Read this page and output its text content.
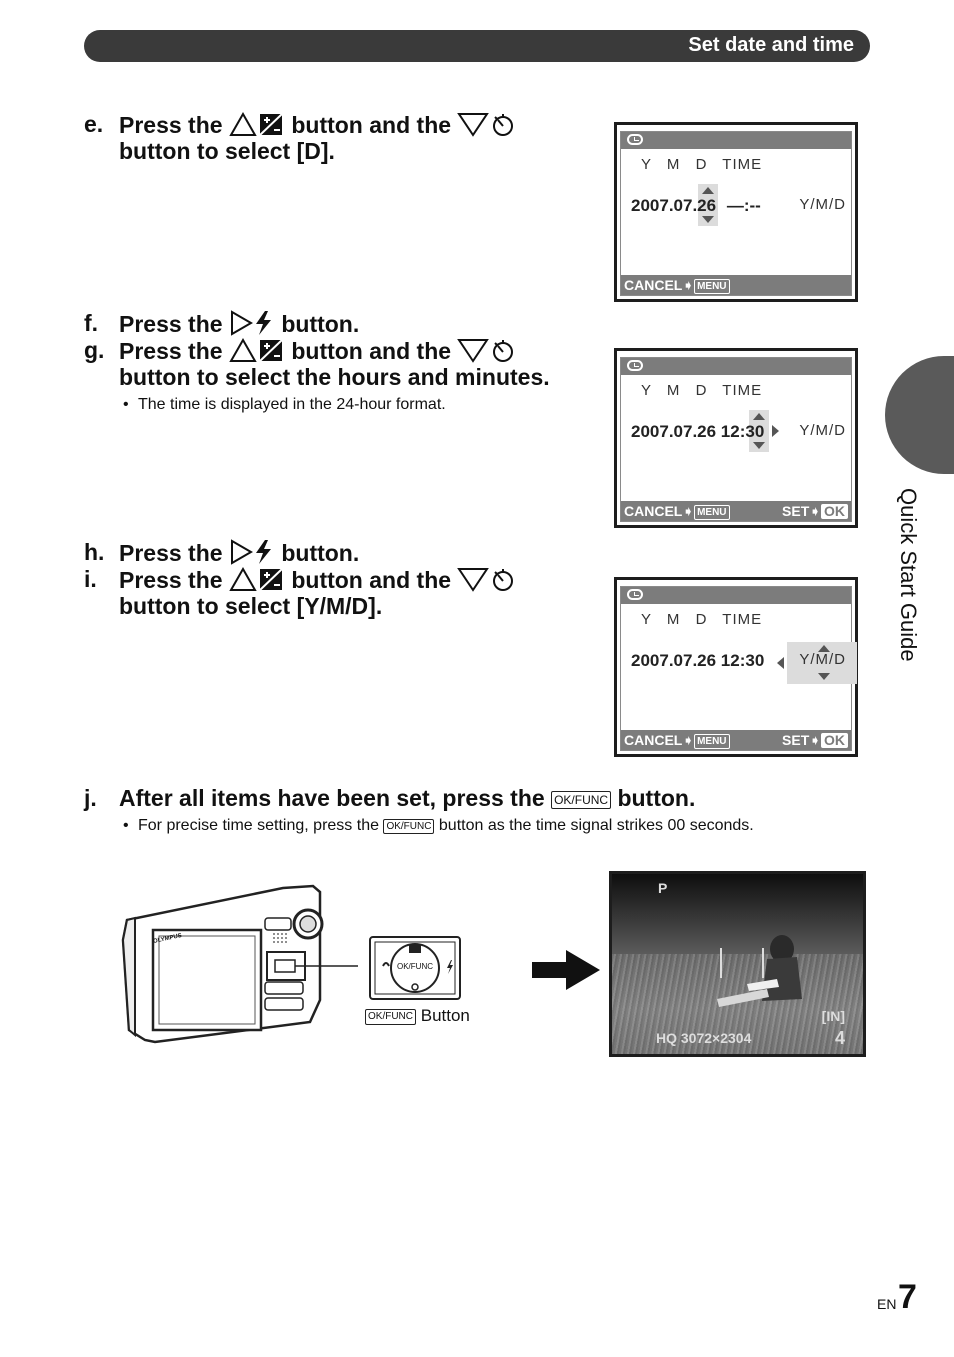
Set date and time
e. Press the	button and the
button to select [D].
f. Press the	button.
g. Press the	button and the
button to select the hours and minutes.
• The time is displayed in the 24-hour format.
h. Press the	button.
i. Press the	button and the
button to select [Y/M/D].
j. After all items have been set, press the OK/FUNC button.
• For precise time setting, press the OK/FUNC button as the time signal strikes 00 seconds.
Y M D TIME
2007.07.26 —:--	Y/M/D
CANCEL➧ MENU
Y M D TIME
2007.07.26 12:30 Y/M/D
CANCEL➧ MENU	SET➧ OK
Y M D TIME
2007.07.26 12:30 Y/M/D
CANCEL➧ MENU	SET➧ OK
OLYMPUS
OK/FUNC
OK/FUNC Button
P
HQ 3072×2304
[IN]
4
Quick Start Guide
EN 7
